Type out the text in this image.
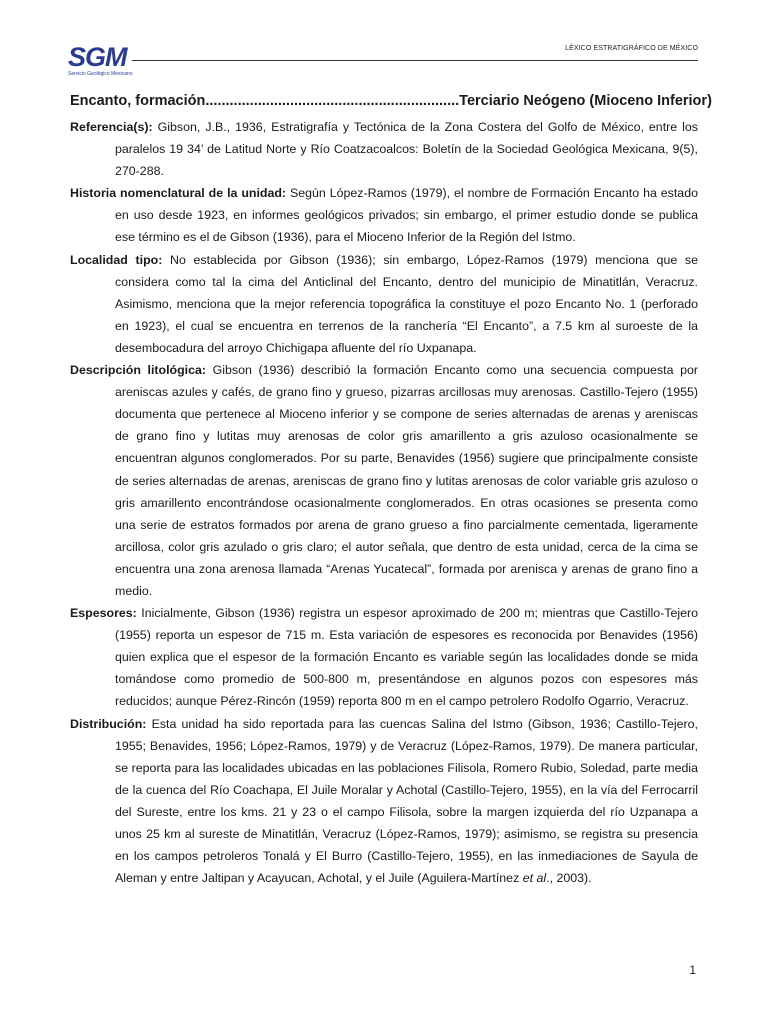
SGM
Servicio Geológico Mexicano
LÉXICO ESTRATIGRÁFICO DE MÉXICO
Encanto, formación...............................................................Terciario Neógeno (Mioceno Inferior)

Referencia(s): Gibson, J.B., 1936, Estratigrafía y Tectónica de la Zona Costera del Golfo de México, entre los paralelos 19 34’ de Latitud Norte y Río Coatzacoalcos: Boletín de la Sociedad Geológica Mexicana, 9(5), 270-288.

Historia nomenclatural de la unidad: Según López-Ramos (1979), el nombre de Formación Encanto ha estado en uso desde 1923, en informes geológicos privados; sin embargo, el primer estudio donde se publica ese término es el de Gibson (1936), para el Mioceno Inferior de la Región del Istmo.

Localidad tipo: No establecida por Gibson (1936); sin embargo, López-Ramos (1979) menciona que se considera como tal la cima del Anticlinal del Encanto, dentro del municipio de Minatitlán, Veracruz. Asimismo, menciona que la mejor referencia topográfica la constituye el pozo Encanto No. 1 (perforado en 1923), el cual se encuentra en terrenos de la ranchería “El Encanto”, a 7.5 km al suroeste de la desembocadura del arroyo Chichigapa afluente del río Uxpanapa.

Descripción litológica: Gibson (1936) describió la formación Encanto como una secuencia compuesta por areniscas azules y cafés, de grano fino y grueso, pizarras arcillosas muy arenosas. Castillo-Tejero (1955) documenta que pertenece al Mioceno inferior y se compone de series alternadas de arenas y areniscas de grano fino y lutitas muy arenosas de color gris amarillento a gris azuloso ocasionalmente se encuentran algunos conglomerados. Por su parte, Benavides (1956) sugiere que principalmente consiste de series alternadas de arenas, areniscas de grano fino y lutitas arenosas de color variable gris azuloso o gris amarillento encontrándose ocasionalmente conglomerados. En otras ocasiones se presenta como una serie de estratos formados por arena de grano grueso a fino parcialmente cementada, ligeramente arcillosa, color gris azulado o gris claro; el autor señala, que dentro de esta unidad, cerca de la cima se encuentra una zona arenosa llamada “Arenas Yucatecal”, formada por arenisca y arenas de grano fino a medio.

Espesores: Inicialmente, Gibson (1936) registra un espesor aproximado de 200 m; mientras que Castillo-Tejero (1955) reporta un espesor de 715 m. Esta variación de espesores es reconocida por Benavides (1956) quien explica que el espesor de la formación Encanto es variable según las localidades donde se mida tomándose como promedio de 500-800 m, presentándose en algunos pozos con espesores más reducidos; aunque Pérez-Rincón (1959) reporta 800 m en el campo petrolero Rodolfo Ogarrio, Veracruz.

Distribución: Esta unidad ha sido reportada para las cuencas Salina del Istmo (Gibson, 1936; Castillo-Tejero, 1955; Benavides, 1956; López-Ramos, 1979) y de Veracruz (López-Ramos, 1979). De manera particular, se reporta para las localidades ubicadas en las poblaciones Filisola, Romero Rubio, Soledad, parte media de la cuenca del Río Coachapa, El Juile Moralar y Achotal (Castillo-Tejero, 1955), en la vía del Ferrocarril del Sureste, entre los kms. 21 y 23 o el campo Filisola, sobre la margen izquierda del río Uzpanapa a unos 25 km al sureste de Minatitlán, Veracruz (López-Ramos, 1979); asimismo, se registra su presencia en los campos petroleros Tonalá y El Burro (Castillo-Tejero, 1955), en las inmediaciones de Sayula de Aleman y entre Jaltipan y Acayucan, Achotal, y el Juile (Aguilera-Martínez et al., 2003).

1
